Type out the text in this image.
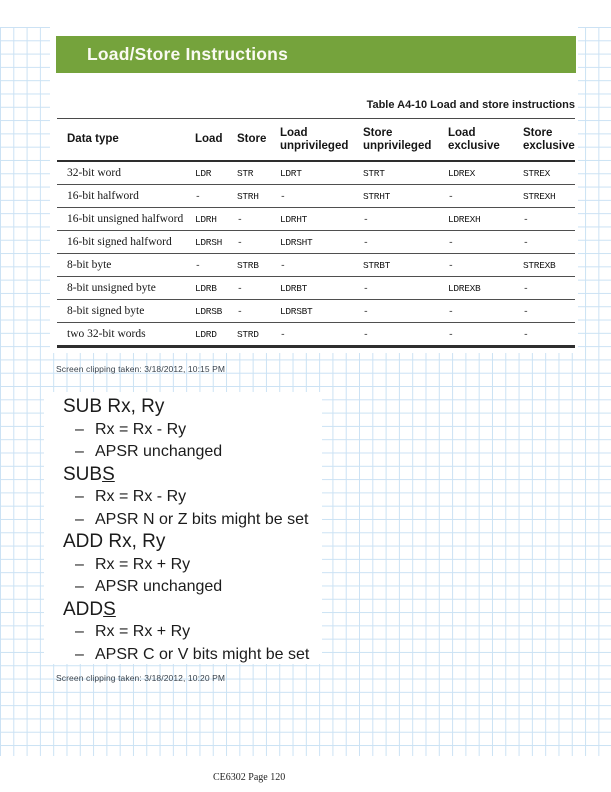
Load/Store Instructions
Table A4-10 Load and store instructions
Data type	Load	Store	Load unprivileged	Store unprivileged	Load exclusive	Store exclusive
32-bit word	LDR	STR	LDRT	STRT	LDREX	STREX
16-bit halfword	-	STRH	-	STRHT	-	STREXH
16-bit unsigned halfword	LDRH	-	LDRHT	-	LDREXH	-
16-bit signed halfword	LDRSH	-	LDRSHT	-	-	-
8-bit byte	-	STRB	-	STRBT	-	STREXB
8-bit unsigned byte	LDRB	-	LDRBT	-	LDREXB	-
8-bit signed byte	LDRSB	-	LDRSBT	-	-	-
two 32-bit words	LDRD	STRD	-	-	-	-
Screen clipping taken: 3/18/2012, 10:15 PM
SUB Rx, Ry
– Rx = Rx - Ry
– APSR unchanged
SUBS
– Rx = Rx - Ry
– APSR N or Z bits might be set
ADD Rx, Ry
– Rx = Rx + Ry
– APSR unchanged
ADDS
– Rx = Rx + Ry
– APSR C or V bits might be set
Screen clipping taken: 3/18/2012, 10:20 PM
CE6302 Page 120
